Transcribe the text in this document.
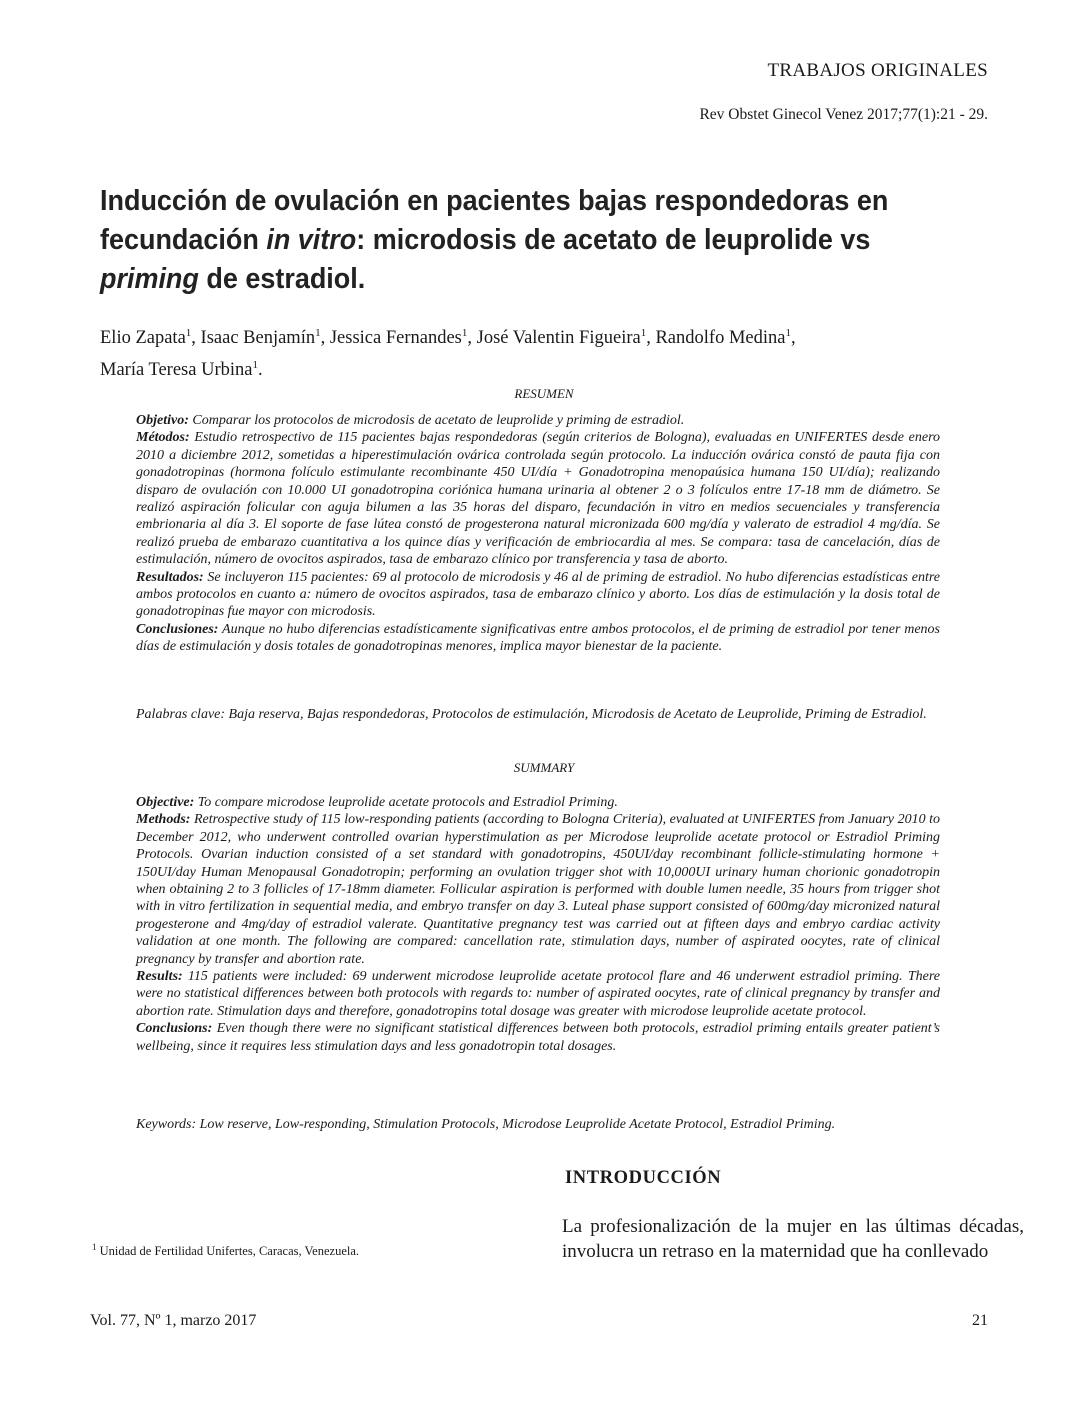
TRABAJOS ORIGINALES
Rev Obstet Ginecol Venez 2017;77(1):21 - 29.
Inducción de ovulación en pacientes bajas respondedoras en fecundación in vitro: microdosis de acetato de leuprolide vs priming de estradiol.
Elio Zapata$^1$, Isaac Benjamín$^1$, Jessica Fernandes$^1$, José Valentin Figueira$^1$, Randolfo Medina$^1$,
María Teresa Urbina$^1$.
RESUMEN

Objetivo: Comparar los protocolos de microdosis de acetato de leuprolide y priming de estradiol.

Métodos: Estudio retrospectivo de 115 pacientes bajas respondedoras (según criterios de Bologna), evaluadas en UNIFERTES desde enero 2010 a diciembre 2012, sometidas a hiperestimulación ovárica controlada según protocolo. La inducción ovárica constó de pauta fija con gonadotropinas (hormona folículo estimulante recombinante 450 UI/día + Gonadotropina menopaúsica humana 150 UI/día); realizando disparo de ovulación con 10.000 UI gonadotropina coriónica humana urinaria al obtener 2 o 3 folículos entre 17-18 mm de diámetro. Se realizó aspiración folicular con aguja bilumen a las 35 horas del disparo, fecundación in vitro en medios secuenciales y transferencia embrionaria al día 3. El soporte de fase lútea constó de progesterona natural micronizada 600 mg/día y valerato de estradiol 4 mg/día. Se realizó prueba de embarazo cuantitativa a los quince días y verificación de embriocardia al mes. Se compara: tasa de cancelación, días de estimulación, número de ovocitos aspirados, tasa de embarazo clínico por transferencia y tasa de aborto.

Resultados: Se incluyeron 115 pacientes: 69 al protocolo de microdosis y 46 al de priming de estradiol. No hubo diferencias estadísticas entre ambos protocolos en cuanto a: número de ovocitos aspirados, tasa de embarazo clínico y aborto. Los días de estimulación y la dosis total de gonadotropinas fue mayor con microdosis.

Conclusiones: Aunque no hubo diferencias estadísticamente significativas entre ambos protocolos, el de priming de estradiol por tener menos días de estimulación y dosis totales de gonadotropinas menores, implica mayor bienestar de la paciente.

Palabras clave: Baja reserva, Bajas respondedoras, Protocolos de estimulación, Microdosis de Acetato de Leuprolide, Priming de Estradiol.

SUMMARY

Objective: To compare microdose leuprolide acetate protocols and Estradiol Priming.

Methods: Retrospective study of 115 low-responding patients (according to Bologna Criteria), evaluated at UNIFERTES from January 2010 to December 2012, who underwent controlled ovarian hyperstimulation as per Microdose leuprolide acetate protocol or Estradiol Priming Protocols. Ovarian induction consisted of a set standard with gonadotropins, 450UI/day recombinant follicle-stimulating hormone + 150UI/day Human Menopausal Gonadotropin; performing an ovulation trigger shot with 10,000UI urinary human chorionic gonadotropin when obtaining 2 to 3 follicles of 17-18mm diameter. Follicular aspiration is performed with double lumen needle, 35 hours from trigger shot with in vitro fertilization in sequential media, and embryo transfer on day 3. Luteal phase support consisted of 600mg/day micronized natural progesterone and 4mg/day of estradiol valerate. Quantitative pregnancy test was carried out at fifteen days and embryo cardiac activity validation at one month. The following are compared: cancellation rate, stimulation days, number of aspirated oocytes, rate of clinical pregnancy by transfer and abortion rate.

Results: 115 patients were included: 69 underwent microdose leuprolide acetate protocol flare and 46 underwent estradiol priming. There were no statistical differences between both protocols with regards to: number of aspirated oocytes, rate of clinical pregnancy by transfer and abortion rate. Stimulation days and therefore, gonadotropins total dosage was greater with microdose leuprolide acetate protocol.

Conclusions: Even though there were no significant statistical differences between both protocols, estradiol priming entails greater patient’s wellbeing, since it requires less stimulation days and less gonadotropin total dosages.

Keywords: Low reserve, Low-responding, Stimulation Protocols, Microdose Leuprolide Acetate Protocol, Estradiol Priming.

INTRODUCCIÓN

La profesionalización de la mujer en las últimas décadas, involucra un retraso en la maternidad que ha conllevado

$^1$ Unidad de Fertilidad Unifertes, Caracas, Venezuela.
Vol. 77, Nº 1, marzo 2017	21
